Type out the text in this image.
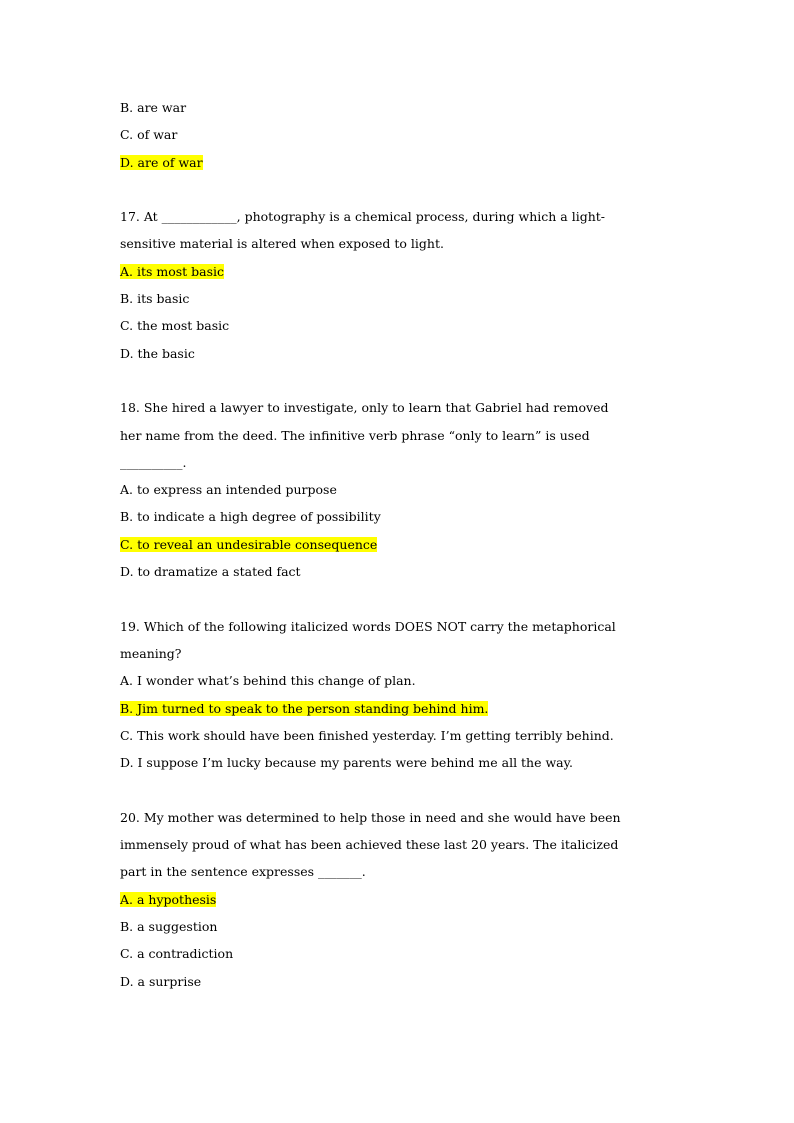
B. are war
C. of war
D. are of war
17. At ____________, photography is a chemical process, during which a light-
sensitive material is altered when exposed to light.
A. its most basic
B. its basic
C. the most basic
D. the basic
18. She hired a lawyer to investigate, only to learn that Gabriel had removed
her name from the deed. The infinitive verb phrase “only to learn” is used
__________.
A. to express an intended purpose
B. to indicate a high degree of possibility
C. to reveal an undesirable consequence
D. to dramatize a stated fact
19. Which of the following italicized words DOES NOT carry the metaphorical
meaning?
A. I wonder what’s behind this change of plan.
B. Jim turned to speak to the person standing behind him.
C. This work should have been finished yesterday. I’m getting terribly behind.
D. I suppose I’m lucky because my parents were behind me all the way.
20. My mother was determined to help those in need and she would have been
immensely proud of what has been achieved these last 20 years. The italicized
part in the sentence expresses _______.
A. a hypothesis
B. a suggestion
C. a contradiction
D. a surprise
